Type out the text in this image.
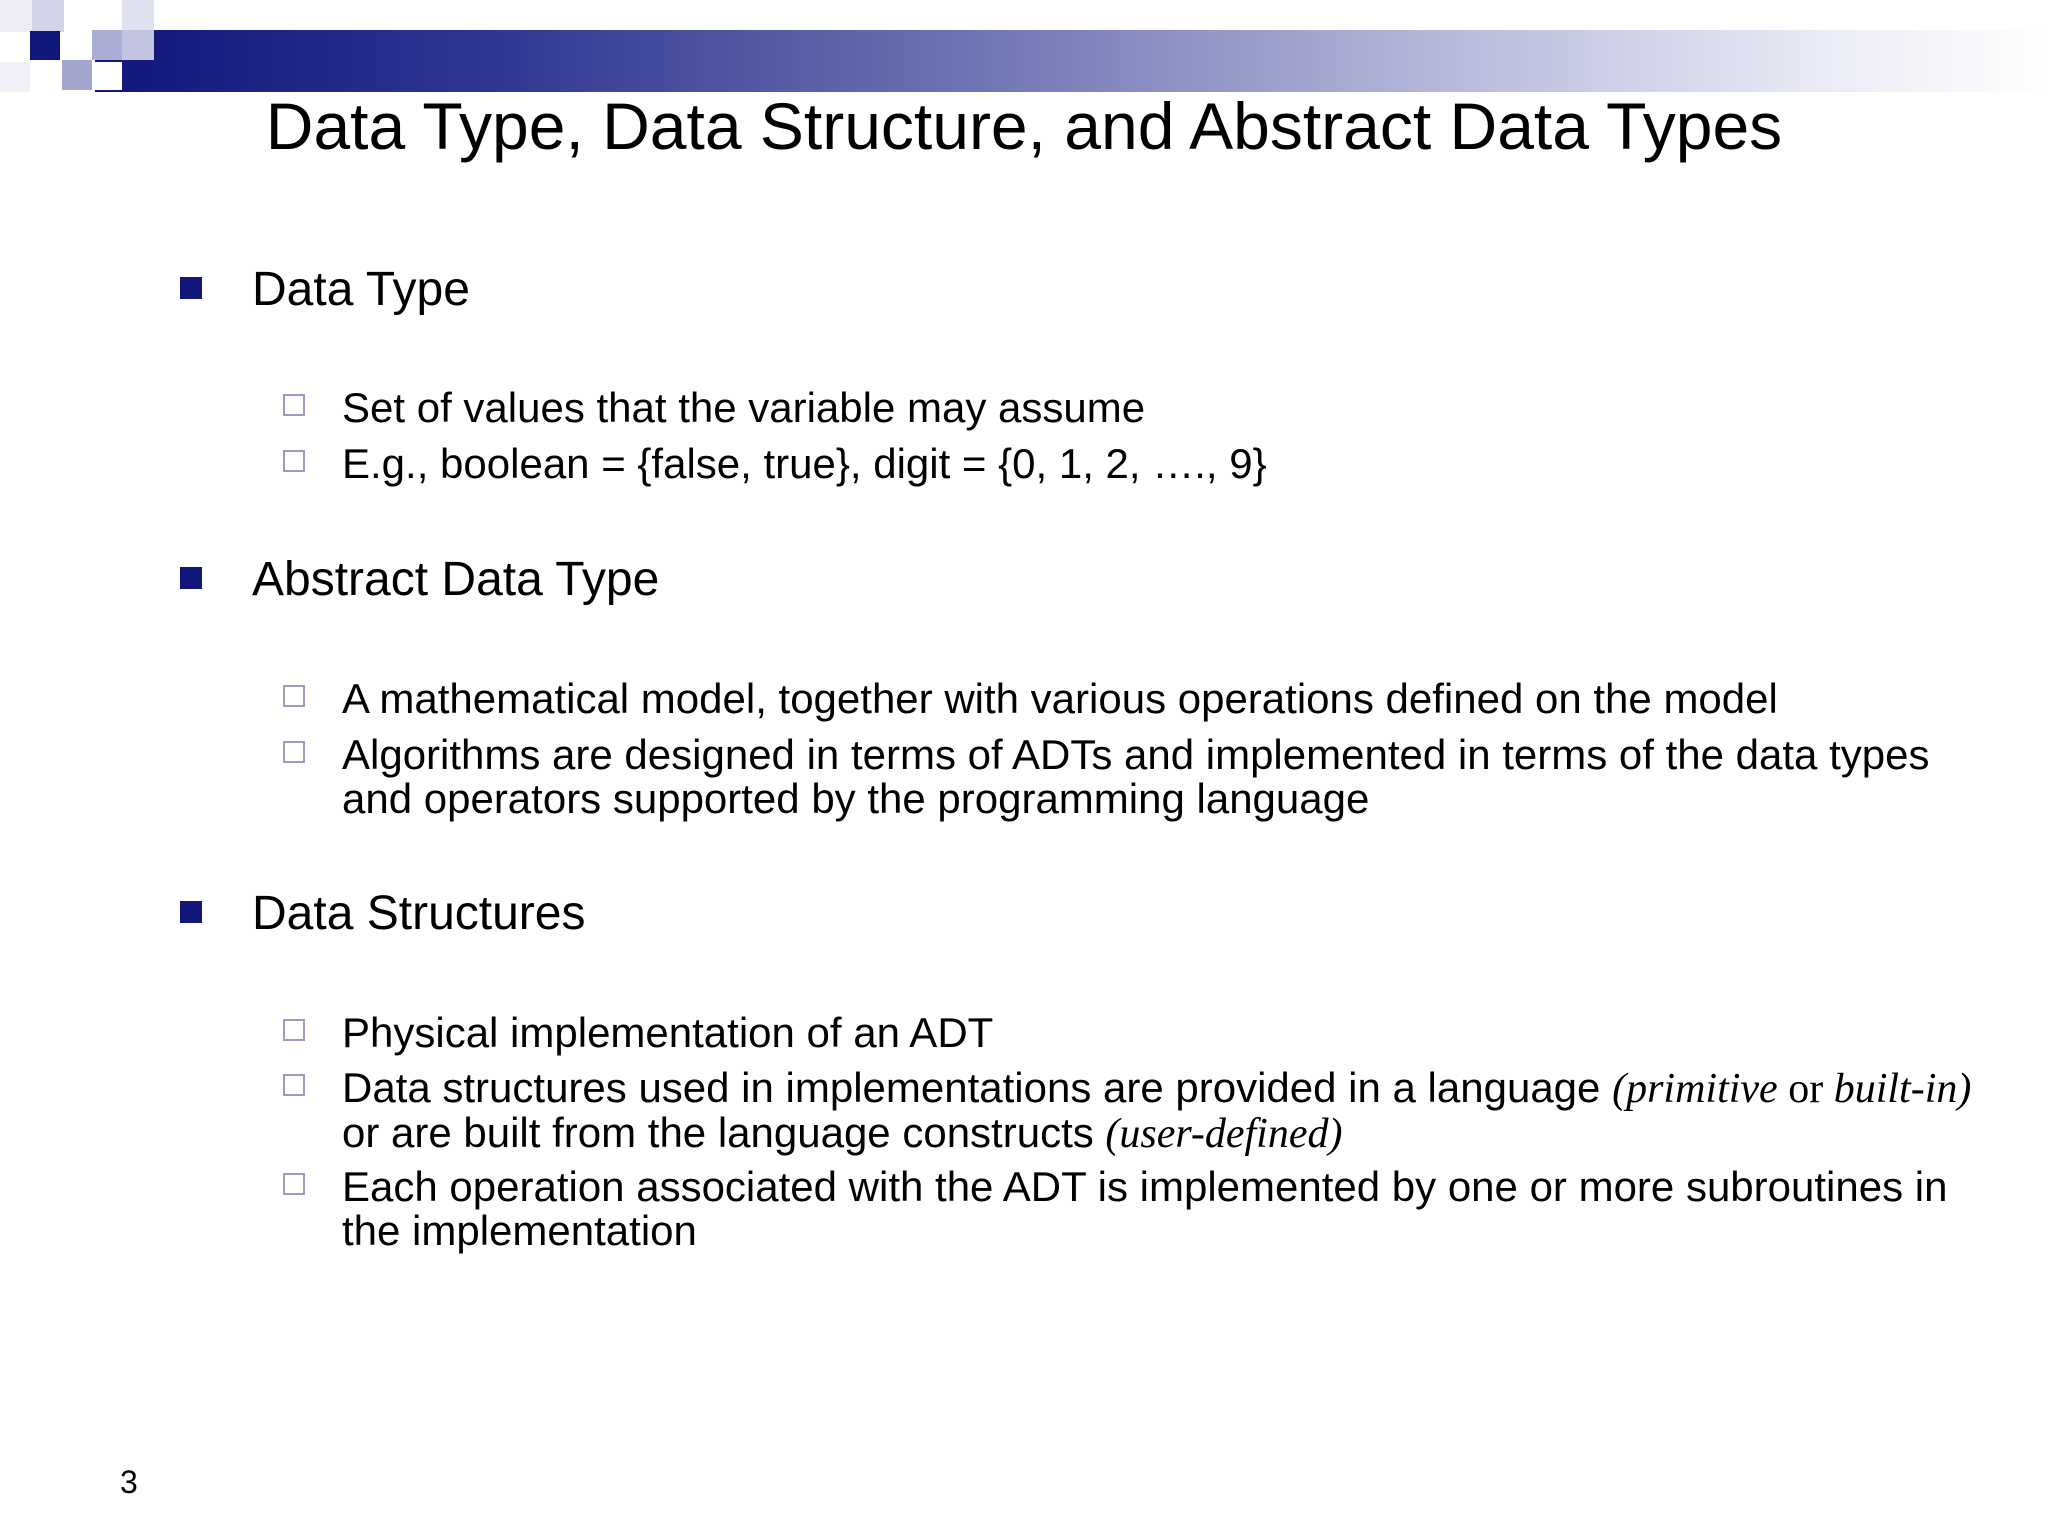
Data Type, Data Structure, and Abstract Data Types
Data Type
Set of values that the variable may assume
E.g., boolean = {false, true}, digit = {0, 1, 2, …., 9}
Abstract Data Type
A mathematical model, together with various operations defined on the model
Algorithms are designed in terms of ADTs and implemented in terms of the data types and operators supported by the programming language
Data Structures
Physical implementation of an ADT
Data structures used in implementations are provided in a language (primitive or built-in) or are built from the language constructs (user-defined)
Each operation associated with the ADT is implemented by one or more subroutines in the implementation
3
